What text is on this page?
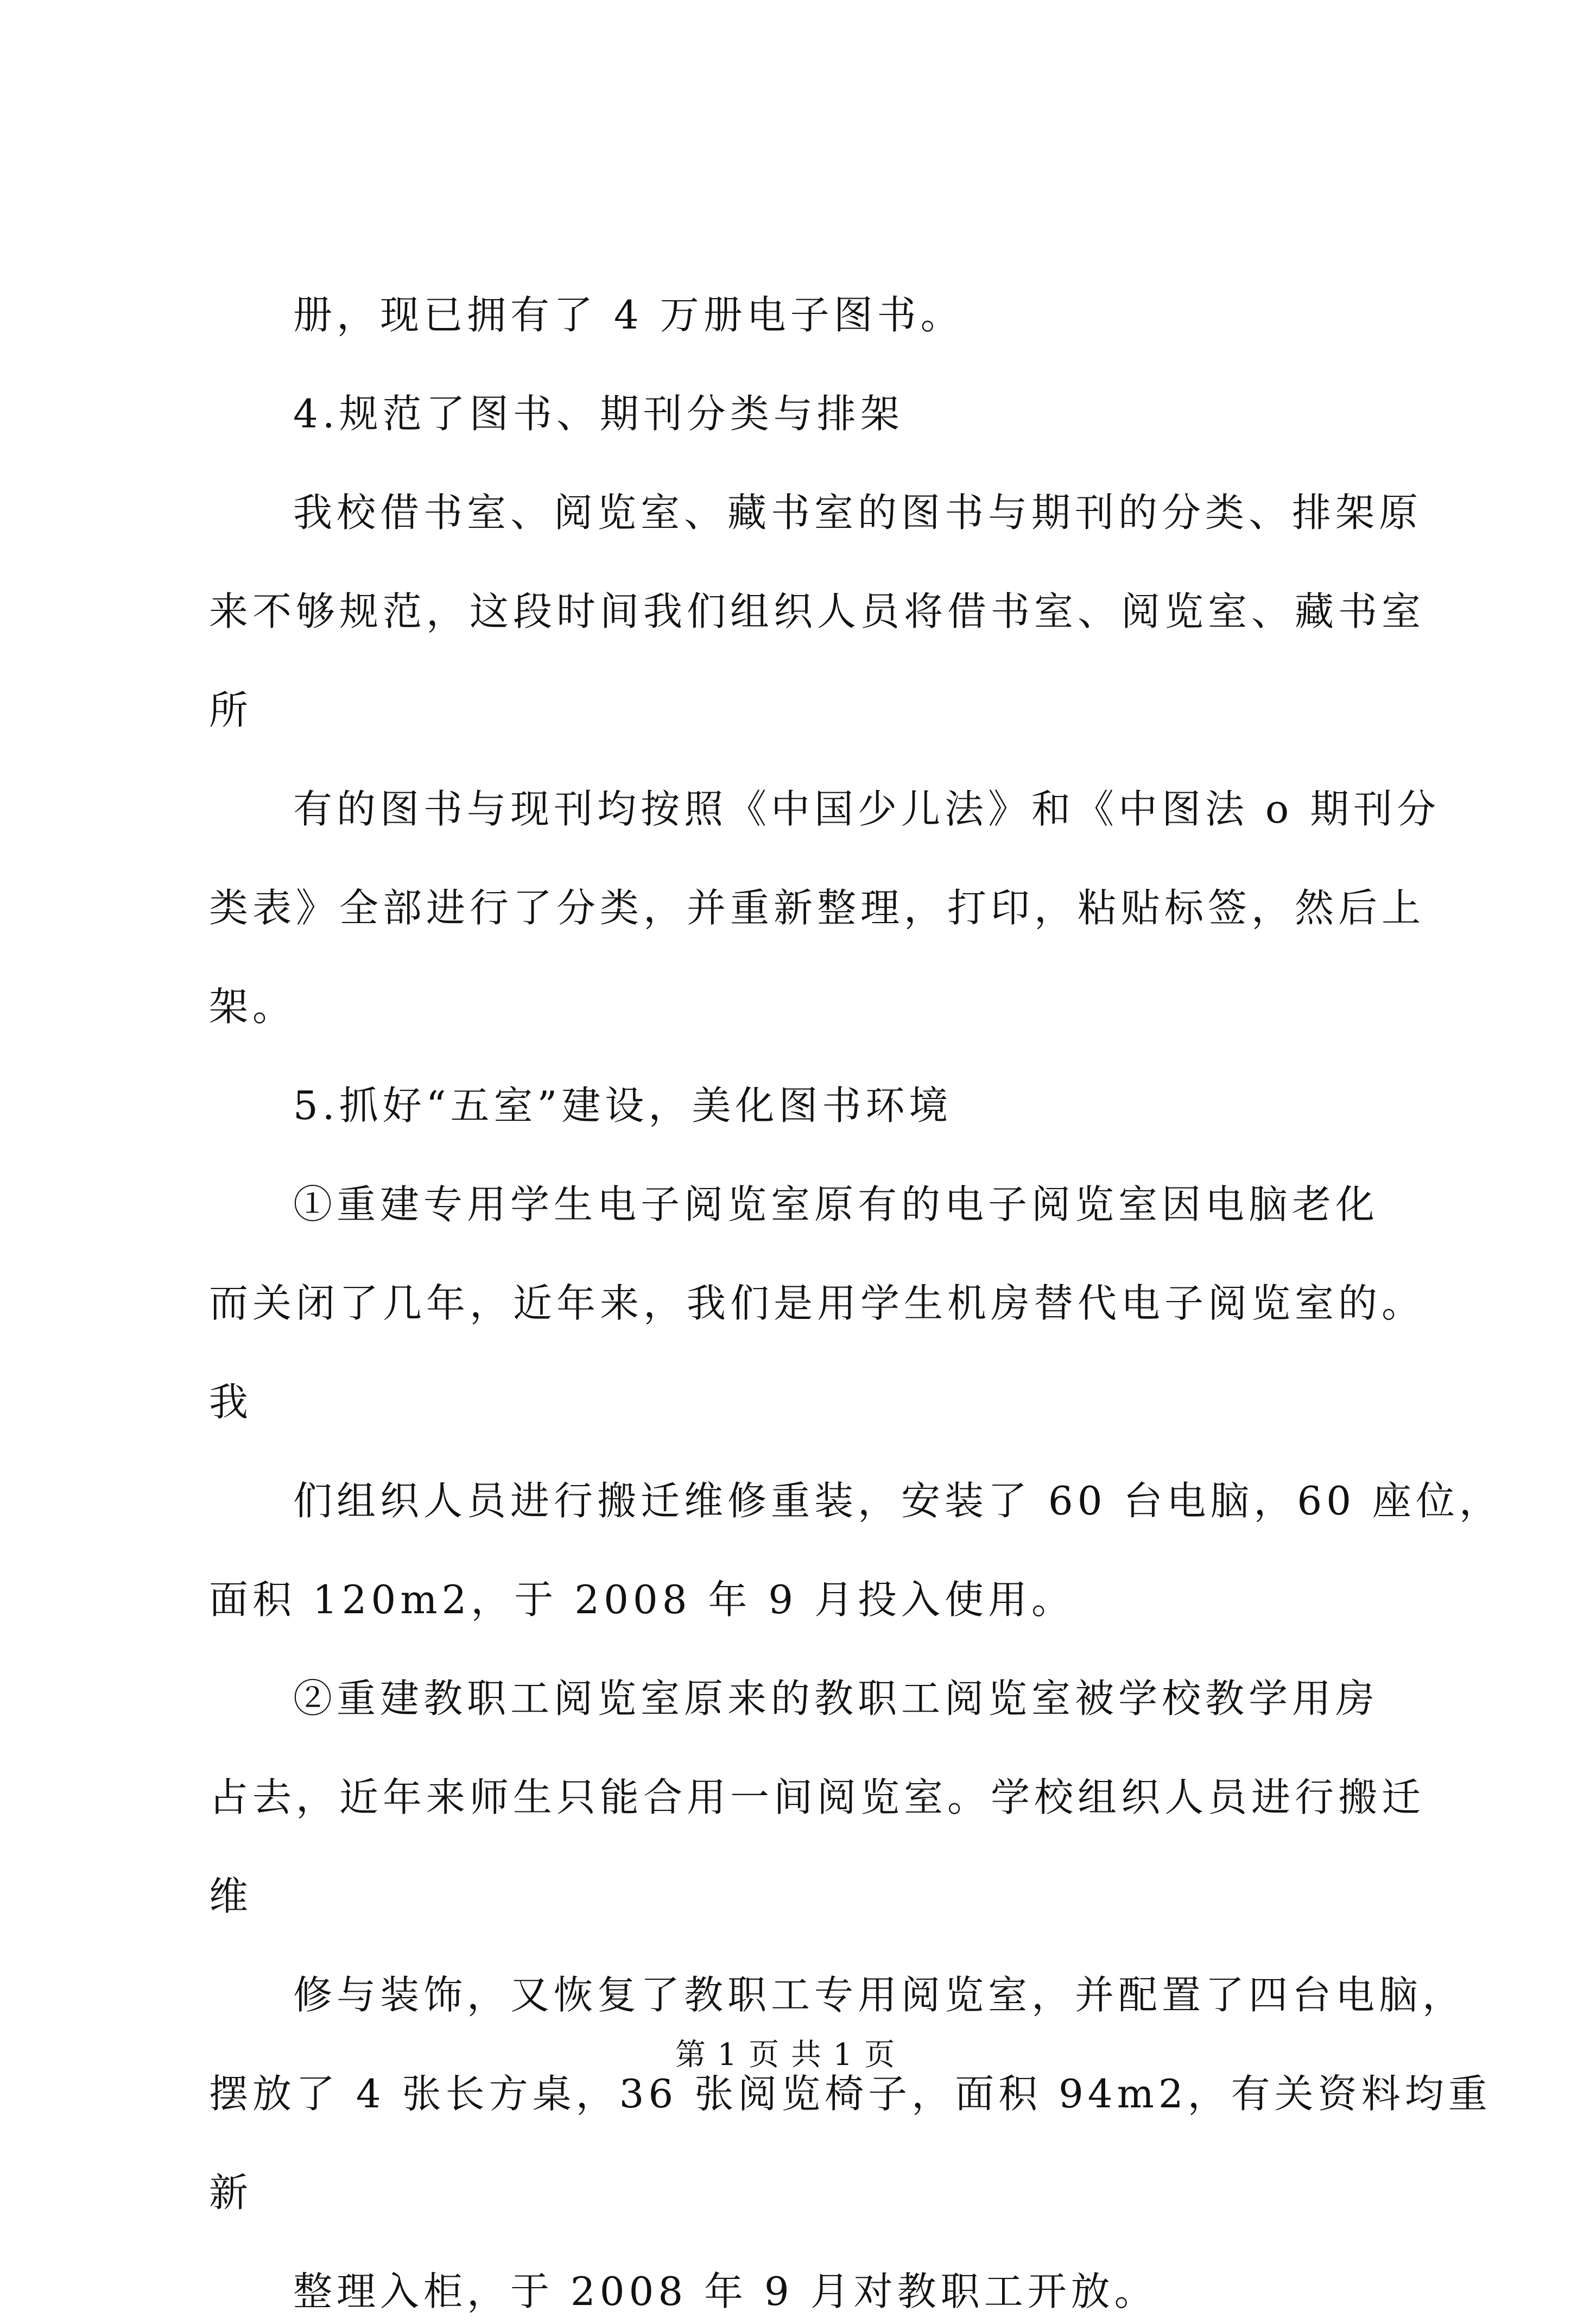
册，现已拥有了 4 万册电子图书。

4.规范了图书、期刊分类与排架

我校借书室、阅览室、藏书室的图书与期刊的分类、排架原

来不够规范，这段时间我们组织人员将借书室、阅览室、藏书室

所

有的图书与现刊均按照《中国少儿法》和《中图法 o 期刊分

类表》全部进行了分类，并重新整理，打印，粘贴标签，然后上

架。

5.抓好“五室”建设，美化图书环境

①重建专用学生电子阅览室原有的电子阅览室因电脑老化

而关闭了几年，近年来，我们是用学生机房替代电子阅览室的。

我

们组织人员进行搬迁维修重装，安装了 60 台电脑，60 座位，

面积 120m2，于 2008 年 9 月投入使用。

②重建教职工阅览室原来的教职工阅览室被学校教学用房

占去，近年来师生只能合用一间阅览室。学校组织人员进行搬迁

维

修与装饰，又恢复了教职工专用阅览室，并配置了四台电脑，

摆放了 4 张长方桌，36 张阅览椅子，面积 94m2，有关资料均重

新

整理入柜，于 2008 年 9 月对教职工开放。

第 1 页 共 1 页
